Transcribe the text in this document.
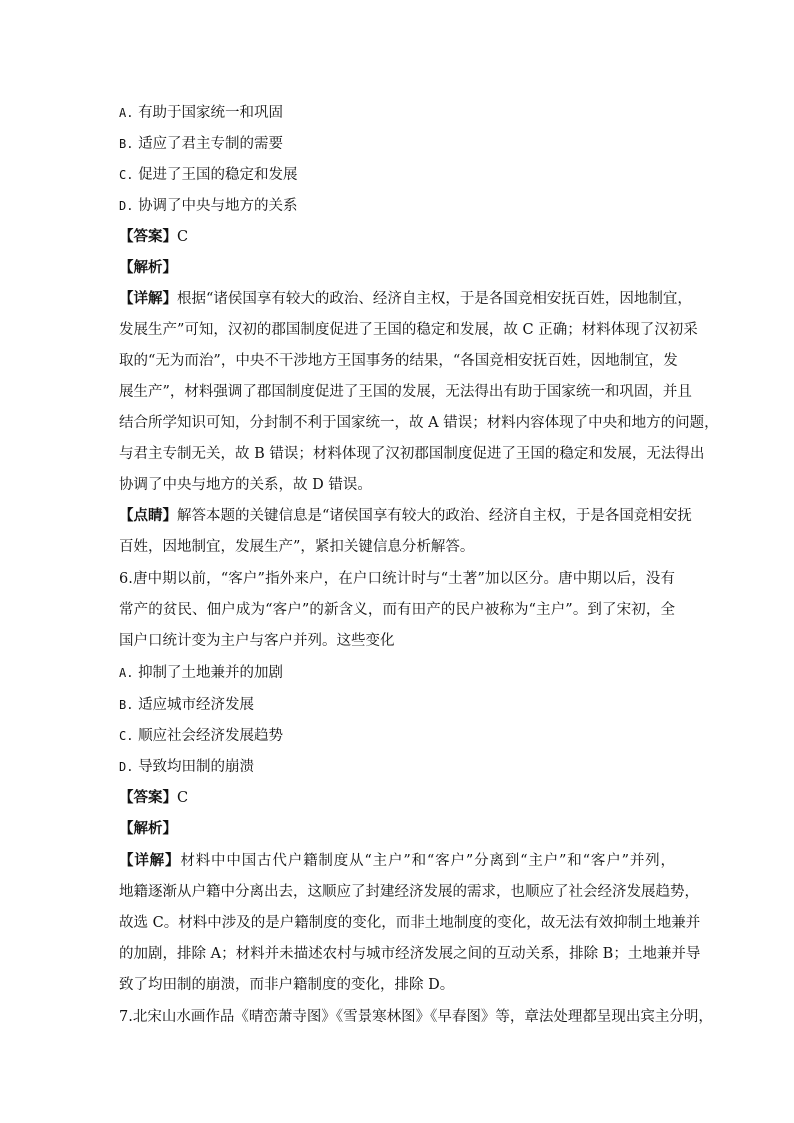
A. 有助于国家统一和巩固
B. 适应了君主专制的需要
C. 促进了王国的稳定和发展
D. 协调了中央与地方的关系
【答案】C
【解析】
【详解】根据“诸侯国享有较大的政治、经济自主权，于是各国竞相安抚百姓，因地制宜，
发展生产”可知，汉初的郡国制度促进了王国的稳定和发展，故 C 正确；材料体现了汉初采
取的“无为而治”，中央不干涉地方王国事务的结果，“各国竞相安抚百姓，因地制宜，发
展生产”，材料强调了郡国制度促进了王国的发展，无法得出有助于国家统一和巩固，并且
结合所学知识可知，分封制不利于国家统一，故 A 错误；材料内容体现了中央和地方的问题，
与君主专制无关，故 B 错误；材料体现了汉初郡国制度促进了王国的稳定和发展，无法得出
协调了中央与地方的关系，故 D 错误。
【点睛】解答本题的关键信息是“诸侯国享有较大的政治、经济自主权，于是各国竞相安抚
百姓，因地制宜，发展生产”，紧扣关键信息分析解答。
6.唐中期以前，“客户”指外来户，在户口统计时与“土著”加以区分。唐中期以后，没有
常产的贫民、佃户成为“客户”的新含义，而有田产的民户被称为“主户”。到了宋初，全
国户口统计变为主户与客户并列。这些变化
A. 抑制了土地兼并的加剧
B. 适应城市经济发展
C. 顺应社会经济发展趋势
D. 导致均田制的崩溃
【答案】C
【解析】
【详解】材料中中国古代户籍制度从“主户”和“客户”分离到“主户”和“客户”并列，
地籍逐渐从户籍中分离出去，这顺应了封建经济发展的需求，也顺应了社会经济发展趋势，
故选 C。材料中涉及的是户籍制度的变化，而非土地制度的变化，故无法有效抑制土地兼并
的加剧，排除 A；材料并未描述农村与城市经济发展之间的互动关系，排除 B；土地兼并导
致了均田制的崩溃，而非户籍制度的变化，排除 D。
7.北宋山水画作品《晴峦萧寺图》《雪景寒林图》《早春图》等，章法处理都呈现出宾主分明，
